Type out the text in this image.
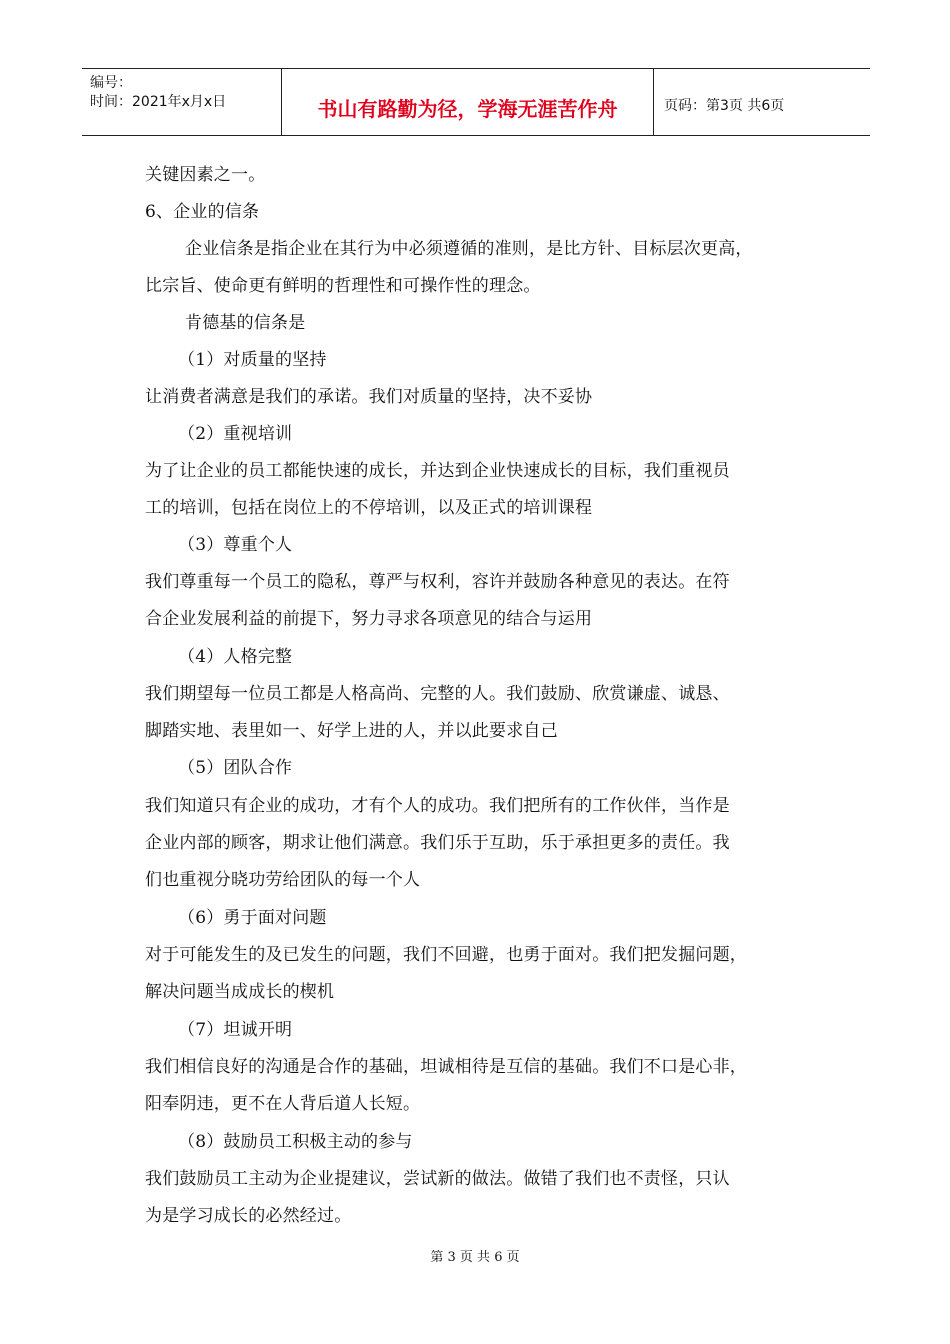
编号：
时间：2021年x月x日	书山有路勤为径，学海无涯苦作舟	页码：第3页 共6页
关键因素之一。
6、企业的信条
企业信条是指企业在其行为中必须遵循的准则，是比方针、目标层次更高，
比宗旨、使命更有鲜明的哲理性和可操作性的理念。
肯德基的信条是
（1）对质量的坚持
让消费者满意是我们的承诺。我们对质量的坚持，决不妥协
（2）重视培训
为了让企业的员工都能快速的成长，并达到企业快速成长的目标，我们重视员
工的培训，包括在岗位上的不停培训，以及正式的培训课程
（3）尊重个人
我们尊重每一个员工的隐私，尊严与权利，容许并鼓励各种意见的表达。在符
合企业发展利益的前提下，努力寻求各项意见的结合与运用
（4）人格完整
我们期望每一位员工都是人格高尚、完整的人。我们鼓励、欣赏谦虚、诚恳、
脚踏实地、表里如一、好学上进的人，并以此要求自己
（5）团队合作
我们知道只有企业的成功，才有个人的成功。我们把所有的工作伙伴，当作是
企业内部的顾客，期求让他们满意。我们乐于互助，乐于承担更多的责任。我
们也重视分晓功劳给团队的每一个人
（6）勇于面对问题
对于可能发生的及已发生的问题，我们不回避，也勇于面对。我们把发掘问题，
解决问题当成成长的楔机
（7）坦诚开明
我们相信良好的沟通是合作的基础，坦诚相待是互信的基础。我们不口是心非，
阳奉阴违，更不在人背后道人长短。
（8）鼓励员工积极主动的参与
我们鼓励员工主动为企业提建议，尝试新的做法。做错了我们也不责怪，只认
为是学习成长的必然经过。
第 3 页 共 6 页
